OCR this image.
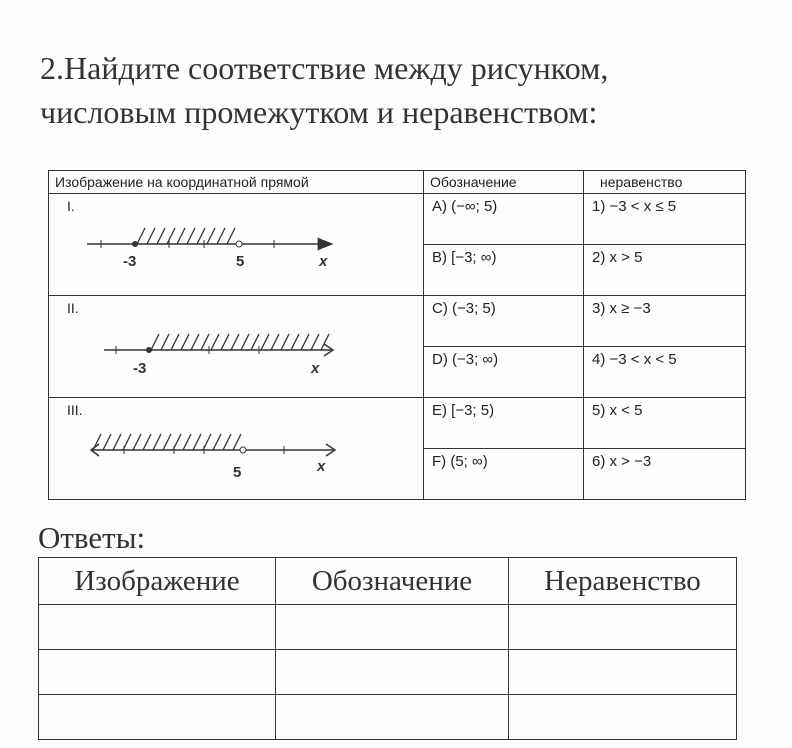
2.Найдите соответствие между рисунком,
числовым промежутком и неравенством:
Изображение на координатной прямой	Обозначение	неравенство

I.
-3 5 x	A) (−∞; 5)	1) −3 < x ≤ 5
	B) [−3; ∞)	2) x > 5

II.
-3 x	C) (−3; 5)	3) x ≥ −3
	D) (−3; ∞)	4) −3 < x < 5

III.
5 x	E) [−3; 5)	5) x < 5
	F) (5; ∞)	6) x > −3
Ответы:
Изображение	Обозначение	Неравенство
